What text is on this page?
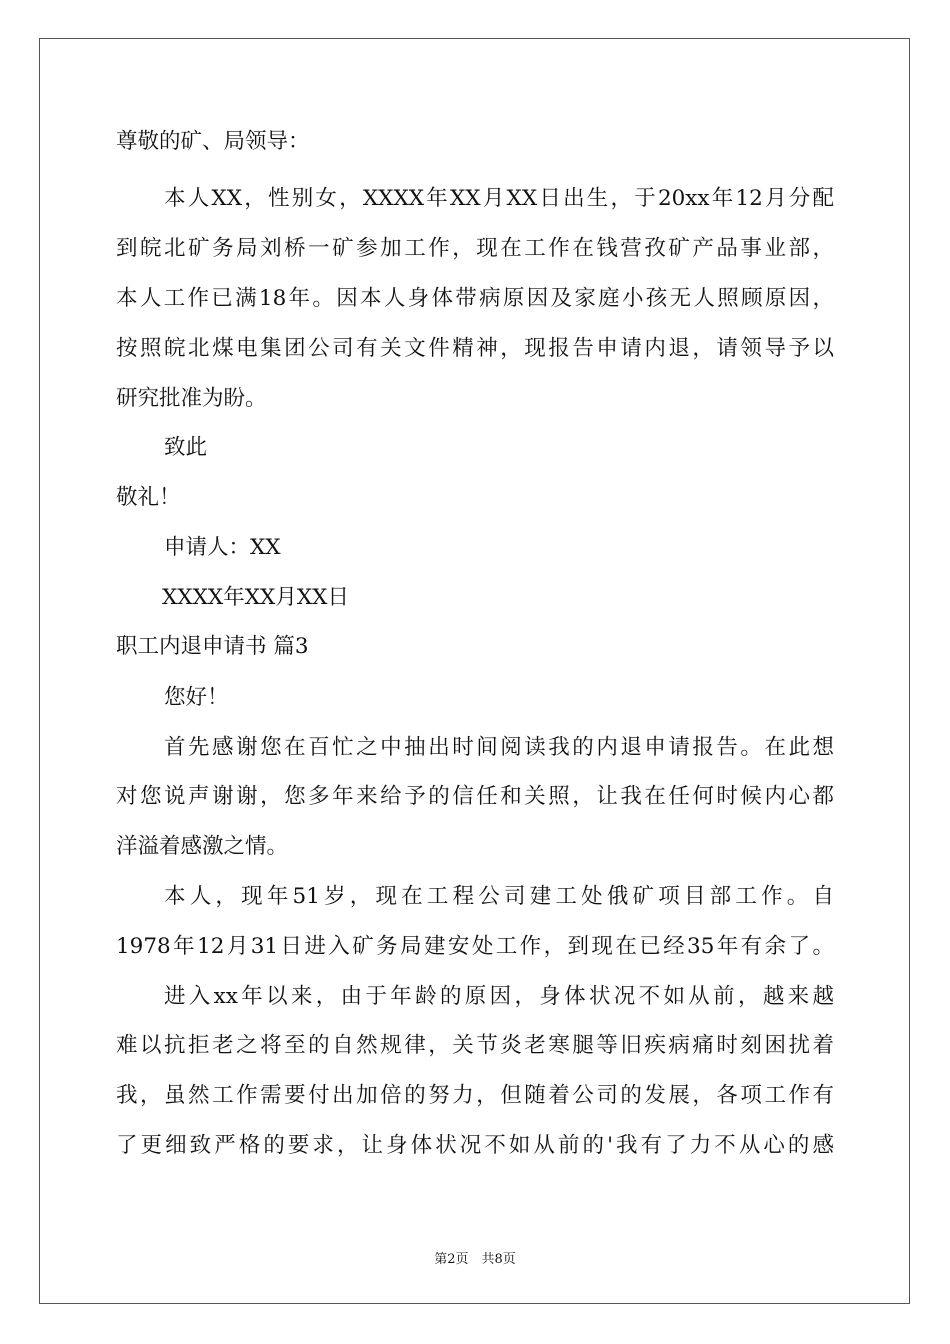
尊敬的矿、局领导：
本人XX，性别女，XXXX年XX月XX日出生，于20xx年12月分配
到皖北矿务局刘桥一矿参加工作，现在工作在钱营孜矿产品事业部，
本人工作已满18年。因本人身体带病原因及家庭小孩无人照顾原因，
按照皖北煤电集团公司有关文件精神，现报告申请内退，请领导予以
研究批准为盼。
致此
敬礼！
申请人：XX
XXXX年XX月XX日
职工内退申请书 篇3
您好！
首先感谢您在百忙之中抽出时间阅读我的内退申请报告。在此想
对您说声谢谢，您多年来给予的信任和关照，让我在任何时候内心都
洋溢着感激之情。
本人，现年51岁，现在工程公司建工处俄矿项目部工作。自
1978年12月31日进入矿务局建安处工作，到现在已经35年有余了。
进入xx年以来，由于年龄的原因，身体状况不如从前，越来越
难以抗拒老之将至的自然规律，关节炎老寒腿等旧疾病痛时刻困扰着
我，虽然工作需要付出加倍的努力，但随着公司的发展，各项工作有
了更细致严格的要求，让身体状况不如从前的'我有了力不从心的感
第2页　共8页
